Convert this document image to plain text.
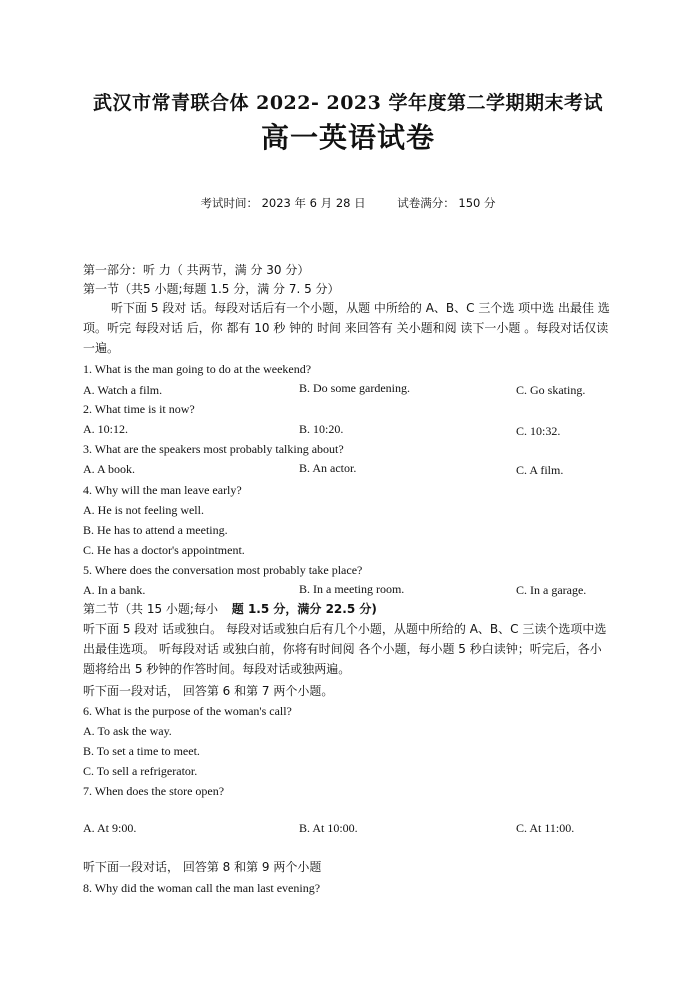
武汉市常青联合体 2022- 2023 学年度第二学期期末考试
高一英语试卷
考试时间： 2023 年 6 月 28 日	试卷满分： 150 分
第一部分：听 力（ 共两节，满 分 30 分）
第一节（共5 小题;每题 1.5 分，满 分 7. 5 分）
听下面 5 段对 话。每段对话后有一个小题，从题 中所给的 A、B、C 三个选 项中选 出最佳 选 项。听完 每段对话 后，你 都有 10 秒 钟的 时间 来回答有 关小题和阅 读下一小题 。每段对话仅读一遍。
1. What is the man going to do at the weekend?
A. Watch a film.	B. Do some gardening.	C. Go skating.
2. What time is it now?
A. 10:12.	B. 10:20.	C. 10:32.
3. What are the speakers most probably talking about?
A. A book.	B. An actor.	C. A film.
4. Why will the man leave early?
A. He is not feeling well.
B. He has to attend a meeting.
C. He has a doctor's appointment.
5. Where does the conversation most probably take place?
A. In a bank.	B. In a meeting room.	C. In a garage.
第二节（共 15 小题;每小 题 1.5 分，满分 22.5 分)
听下面 5 段对 话或独白。 每段对话或独白后有几个小题，从题中所给的 A、B、C 三读个选项中选出最佳选项。 听每段对话 或独白前，你将有时间阅 各个小题，每小题 5 秒白读钟；听完后，各小题将给出 5 秒钟的作答时间。每段对话或独两遍。
听下面一段对话， 回答第 6 和第 7 两个小题。
6. What is the purpose of the woman's call?
A. To ask the way.
B. To set a time to meet.
C. To sell a refrigerator.
7. When does the store open?
A. At 9:00.	B. At 10:00.	C. At 11:00.
听下面一段对话， 回答第 8 和第 9 两个小题
8. Why did the woman call the man last evening?
